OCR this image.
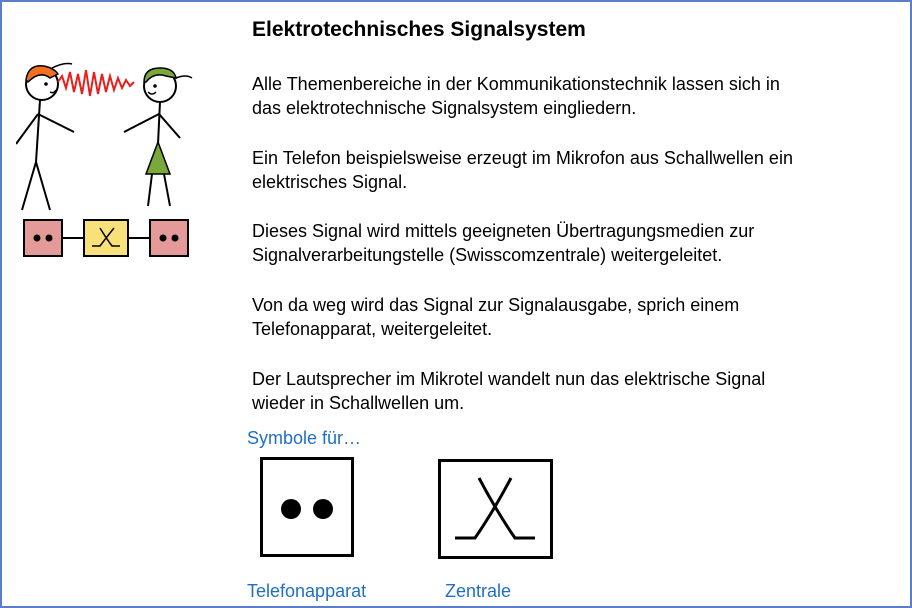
Elektrotechnisches Signalsystem

Alle Themenbereiche in der Kommunikationstechnik lassen sich in
das elektrotechnische Signalsystem eingliedern.

Ein Telefon beispielsweise erzeugt im Mikrofon aus Schallwellen ein
elektrisches Signal.

Dieses Signal wird mittels geeigneten Übertragungsmedien zur
Signalverarbeitungstelle (Swisscomzentrale) weitergeleitet.

Von da weg wird das Signal zur Signalausgabe, sprich einem
Telefonapparat, weitergeleitet.

Der Lautsprecher im Mikrotel wandelt nun das elektrische Signal
wieder in Schallwellen um.

Symbole für…
Telefonapparat	Zentrale
